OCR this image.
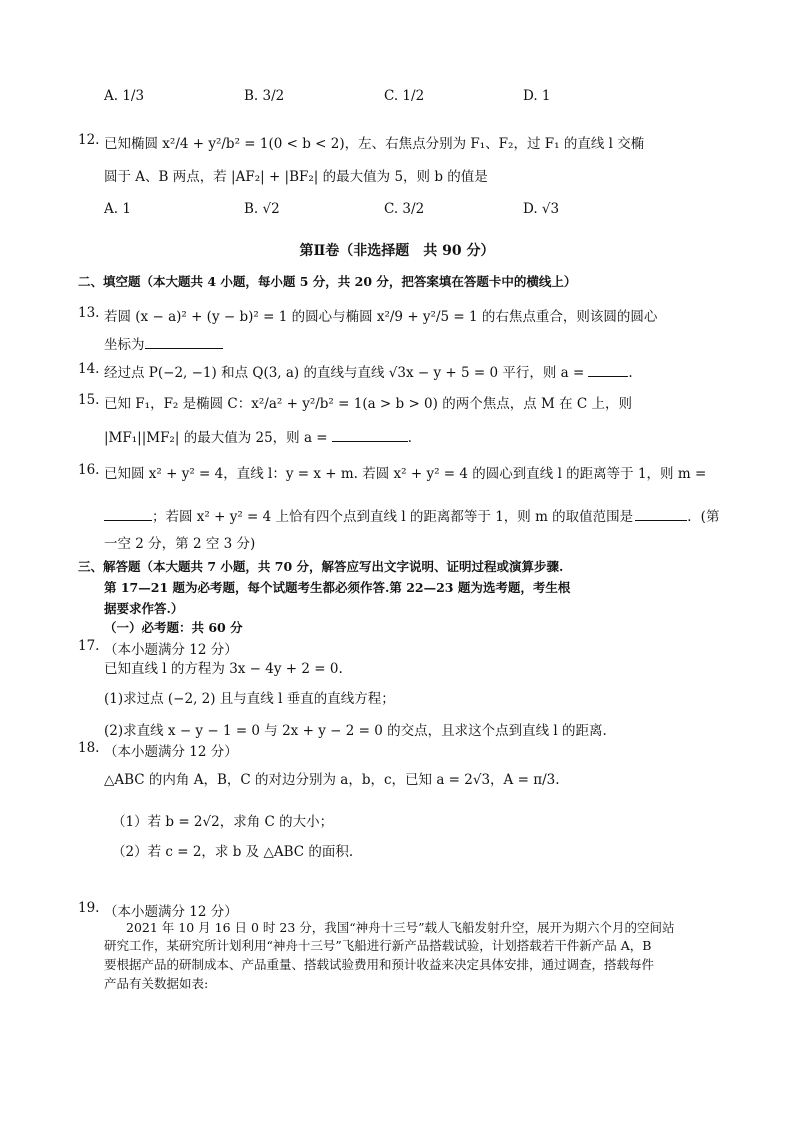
A. 1/3	B. 3/2	C. 1/2	D. 1
12. 已知椭圆 x²/4 + y²/b² = 1(0 < b < 2)，左、右焦点分别为 F₁、F₂，过 F₁ 的直线 l 交椭
圆于 A、B 两点，若 |AF₂| + |BF₂| 的最大值为 5，则 b 的值是
A. 1	B. √2	C. 3/2	D. √3
第Ⅱ卷（非选择题　共 90 分）
二、填空题（本大题共 4 小题，每小题 5 分，共 20 分，把答案填在答题卡中的横线上）
13. 若圆 (x − a)² + (y − b)² = 1 的圆心与椭圆 x²/9 + y²/5 = 1 的右焦点重合，则该圆的圆心
坐标为
14. 经过点 P(−2, −1) 和点 Q(3, a) 的直线与直线 √3x − y + 5 = 0 平行，则 a =	.
15. 已知 F₁，F₂ 是椭圆 C：x²/a² + y²/b² = 1(a > b > 0) 的两个焦点，点 M 在 C 上，则
|MF₁||MF₂| 的最大值为 25，则 a =	.
16. 已知圆 x² + y² = 4，直线 l：y = x + m. 若圆 x² + y² = 4 的圆心到直线 l 的距离等于 1，则 m =
；若圆 x² + y² = 4 上恰有四个点到直线 l 的距离都等于 1，则 m 的取值范围是	．(第
一空 2 分，第 2 空 3 分)
三、解答题（本大题共 7 小题，共 70 分，解答应写出文字说明、证明过程或演算步骤.
第 17—21 题为必考题，每个试题考生都必须作答.第 22—23 题为选考题，考生根
据要求作答.）
（一）必考题：共 60 分
17. （本小题满分 12 分）
已知直线 l 的方程为 3x − 4y + 2 = 0.
(1)求过点 (−2, 2) 且与直线 l 垂直的直线方程；
(2)求直线 x − y − 1 = 0 与 2x + y − 2 = 0 的交点，且求这个点到直线 l 的距离.
18. （本小题满分 12 分）
△ABC 的内角 A，B，C 的对边分别为 a，b，c，已知 a = 2√3，A = π/3.
（1）若 b = 2√2，求角 C 的大小；
（2）若 c = 2，求 b 及 △ABC 的面积.
19. （本小题满分 12 分）
2021 年 10 月 16 日 0 时 23 分，我国“神舟十三号”载人飞船发射升空，展开为期六个月的空间站
研究工作，某研究所计划利用“神舟十三号”飞船进行新产品搭载试验，计划搭载若干件新产品 A，B
要根据产品的研制成本、产品重量、搭载试验费用和预计收益来决定具体安排，通过调查，搭载每件
产品有关数据如表:
